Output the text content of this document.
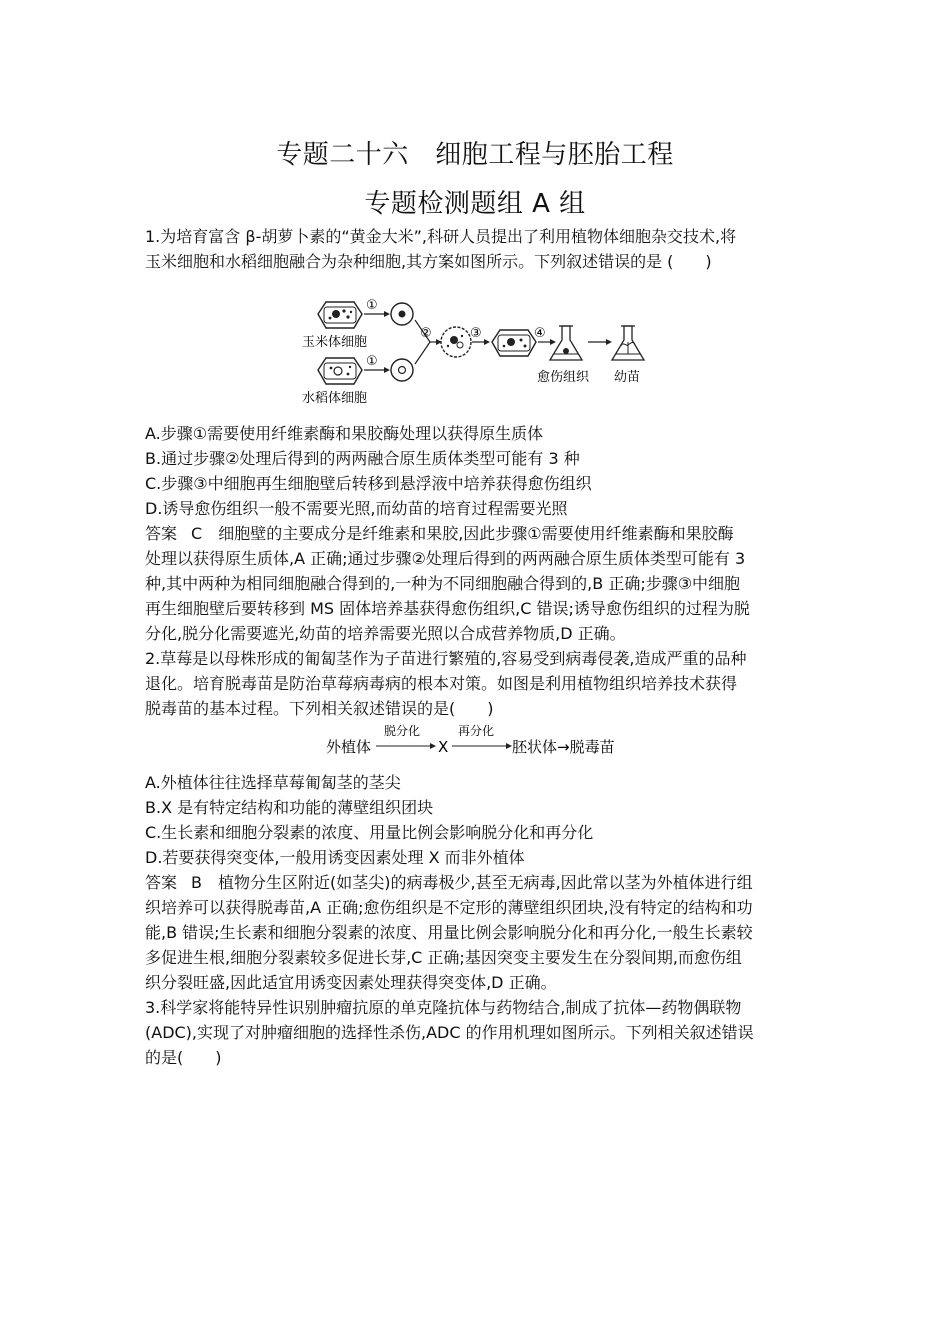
专题二十六　细胞工程与胚胎工程
专题检测题组 A 组
1.为培育富含 β-胡萝卜素的“黄金大米”,科研人员提出了利用植物体细胞杂交技术,将
玉米细胞和水稻细胞融合为杂种细胞,其方案如图所示。下列叙述错误的是 (　　)
玉米体细胞
水稻体细胞
①
①
②	③	④
愈伤组织 幼苗
A.步骤①需要使用纤维素酶和果胶酶处理以获得原生质体
B.通过步骤②处理后得到的两两融合原生质体类型可能有 3 种
C.步骤③中细胞再生细胞壁后转移到悬浮液中培养获得愈伤组织
D.诱导愈伤组织一般不需要光照,而幼苗的培育过程需要光照
答案 C 细胞壁的主要成分是纤维素和果胶,因此步骤①需要使用纤维素酶和果胶酶
处理以获得原生质体,A 正确;通过步骤②处理后得到的两两融合原生质体类型可能有 3
种,其中两种为相同细胞融合得到的,一种为不同细胞融合得到的,B 正确;步骤③中细胞
再生细胞壁后要转移到 MS 固体培养基获得愈伤组织,C 错误;诱导愈伤组织的过程为脱
分化,脱分化需要遮光,幼苗的培养需要光照以合成营养物质,D 正确。
2.草莓是以母株形成的匍匐茎作为子苗进行繁殖的,容易受到病毒侵袭,造成严重的品种
退化。培育脱毒苗是防治草莓病毒病的根本对策。如图是利用植物组织培养技术获得
脱毒苗的基本过程。下列相关叙述错误的是(　　)
外植体
脱分化
X
再分化
胚状体→脱毒苗
A.外植体往往选择草莓匍匐茎的茎尖
B.X 是有特定结构和功能的薄壁组织团块
C.生长素和细胞分裂素的浓度、用量比例会影响脱分化和再分化
D.若要获得突变体,一般用诱变因素处理 X 而非外植体
答案 B 植物分生区附近(如茎尖)的病毒极少,甚至无病毒,因此常以茎为外植体进行组
织培养可以获得脱毒苗,A 正确;愈伤组织是不定形的薄壁组织团块,没有特定的结构和功
能,B 错误;生长素和细胞分裂素的浓度、用量比例会影响脱分化和再分化,一般生长素较
多促进生根,细胞分裂素较多促进长芽,C 正确;基因突变主要发生在分裂间期,而愈伤组
织分裂旺盛,因此适宜用诱变因素处理获得突变体,D 正确。
3.科学家将能特异性识别肿瘤抗原的单克隆抗体与药物结合,制成了抗体—药物偶联物
(ADC),实现了对肿瘤细胞的选择性杀伤,ADC 的作用机理如图所示。下列相关叙述错误
的是(　　)
